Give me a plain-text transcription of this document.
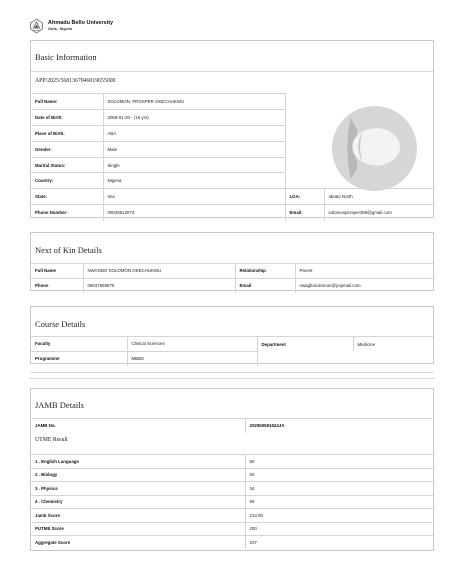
Ahmadu Bello University
Zaria - Nigeria
Basic Information
APP/2025/568136704601965500​0
Full Name:	SOLOMON, PROSPER OKECHUKWU		
Date of Birth:	2009-01-20 - (16 yrs)		
Place of Birth:	ABA		
Gender:	Male		
Marital Status:	Single		
Country:	Nigeria		
State:	Imo	LGA:	Ideato North
Phone Number:	09039612074	Email:	solomonprosper359@gmail.com
Next of Kin Details
Full Name	NWAGBO SOLOMON OKECHUKWU	Relationship	Parent
Phone	08037569870	Email	nwagbosolomon@yopmail.com
Course Details
Faculty	Clinical Sciences	Department	Medicine
Programme	MBBS		
JAMB Details
JAMB No.	202550591624JA
UTME Result
1 . English Language	60
2 . Biology	60
3 . Physics	34
4 . Chemistry	59
Jamb Score	213.00
PUTME Score	200
Aggregate Score	207
